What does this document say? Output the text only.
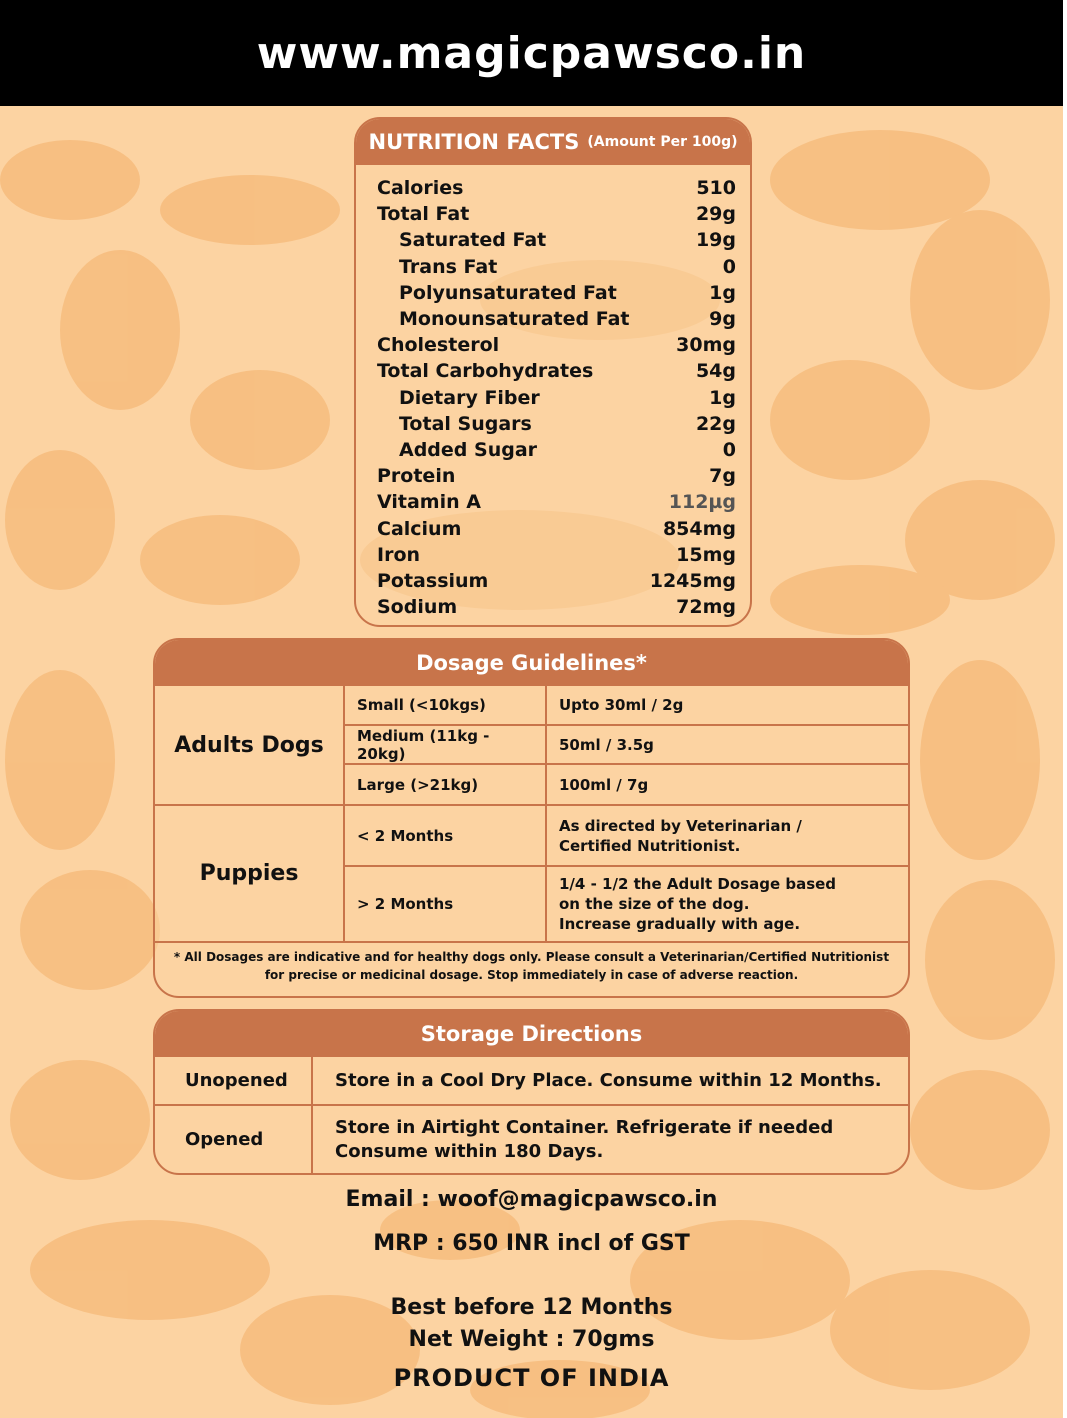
www.magicpawsco.in
NUTRITION FACTS (Amount Per 100g)
Calories	510
Total Fat	29g
Saturated Fat	19g
Trans Fat	0
Polyunsaturated Fat	1g
Monounsaturated Fat	9g
Cholesterol	30mg
Total Carbohydrates	54g
Dietary Fiber	1g
Total Sugars	22g
Added Sugar	0
Protein	7g
Vitamin A	112µg
Calcium	854mg
Iron	15mg
Potassium	1245mg
Sodium	72mg
Dosage Guidelines*
Adults Dogs	Small (<10kgs)	Upto 30ml / 2g
	Medium (11kg - 20kg)	50ml / 3.5g
	Large (>21kg)	100ml / 7g
Puppies	< 2 Months	As directed by Veterinarian /
Certified Nutritionist.

	> 2 Months	1/4 - 1/2 the Adult Dosage based
on the size of the dog.
Increase gradually with age.
* All Dosages are indicative and for healthy dogs only. Please consult a Veterinarian/Certified Nutritionist
for precise or medicinal dosage. Stop immediately in case of adverse reaction.
Storage Directions
Unopened	Store in a Cool Dry Place. Consume within 12 Months.

Opened	Store in Airtight Container. Refrigerate if needed
Consume within 180 Days.
Email : woof@magicpawsco.in
MRP : 650 INR incl of GST
Best before 12 Months
Net Weight : 70gms
PRODUCT OF INDIA
